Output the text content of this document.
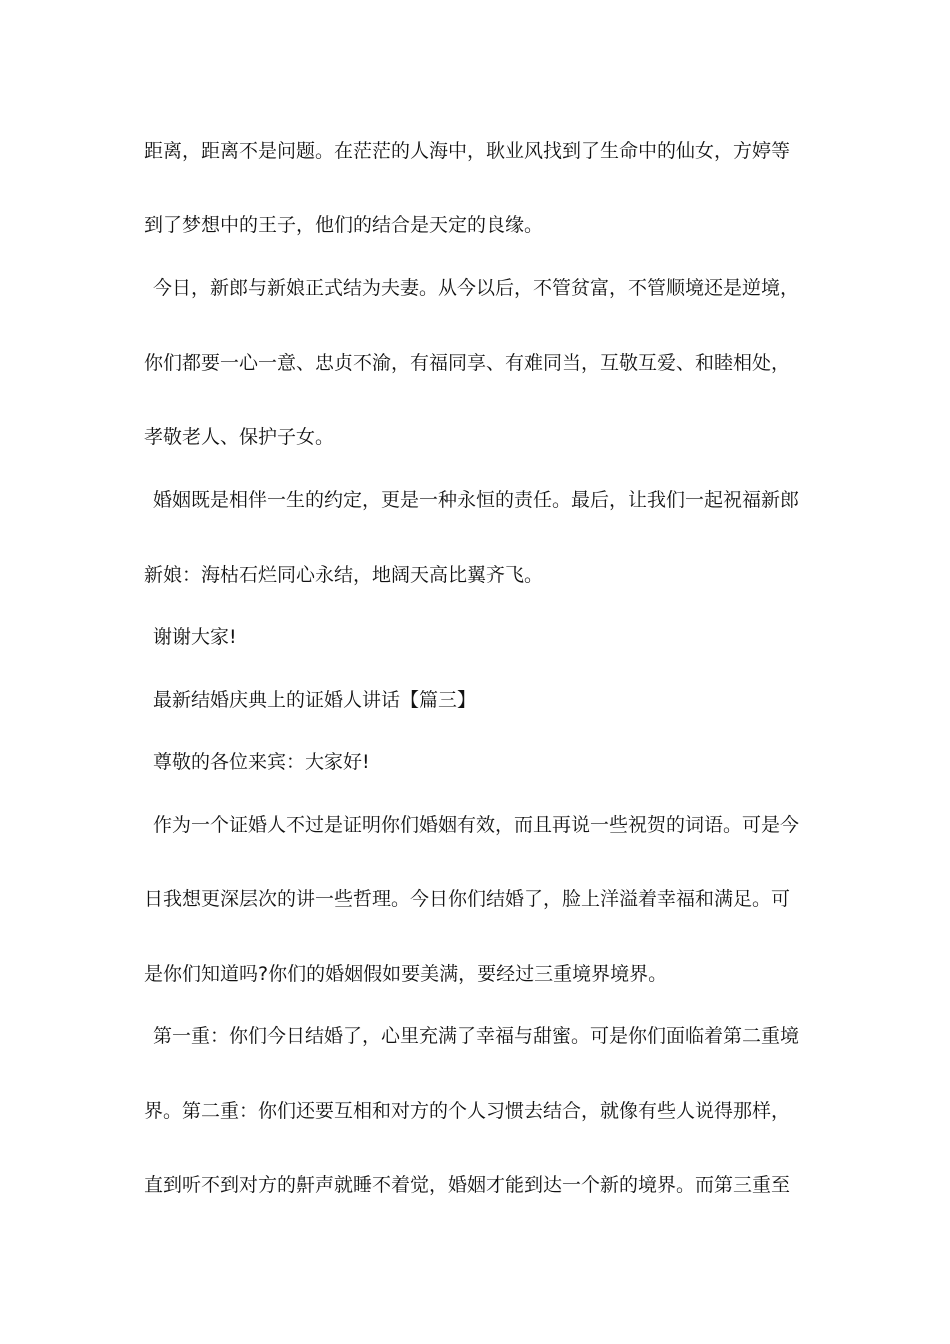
距离，距离不是问题。在茫茫的人海中，耿业风找到了生命中的仙女，方婷等
到了梦想中的王子，他们的结合是天定的良缘。
今日，新郎与新娘正式结为夫妻。从今以后，不管贫富，不管顺境还是逆境，
你们都要一心一意、忠贞不渝，有福同享、有难同当，互敬互爱、和睦相处，
孝敬老人、保护子女。
婚姻既是相伴一生的约定，更是一种永恒的责任。最后，让我们一起祝福新郎
新娘：海枯石烂同心永结，地阔天高比翼齐飞。
谢谢大家!
最新结婚庆典上的证婚人讲话【篇三】
尊敬的各位来宾：大家好!
作为一个证婚人不过是证明你们婚姻有效，而且再说一些祝贺的词语。可是今
日我想更深层次的讲一些哲理。今日你们结婚了，脸上洋溢着幸福和满足。可
是你们知道吗?你们的婚姻假如要美满，要经过三重境界境界。
第一重：你们今日结婚了，心里充满了幸福与甜蜜。可是你们面临着第二重境
界。第二重：你们还要互相和对方的个人习惯去结合，就像有些人说得那样，
直到听不到对方的鼾声就睡不着觉，婚姻才能到达一个新的境界。而第三重至
